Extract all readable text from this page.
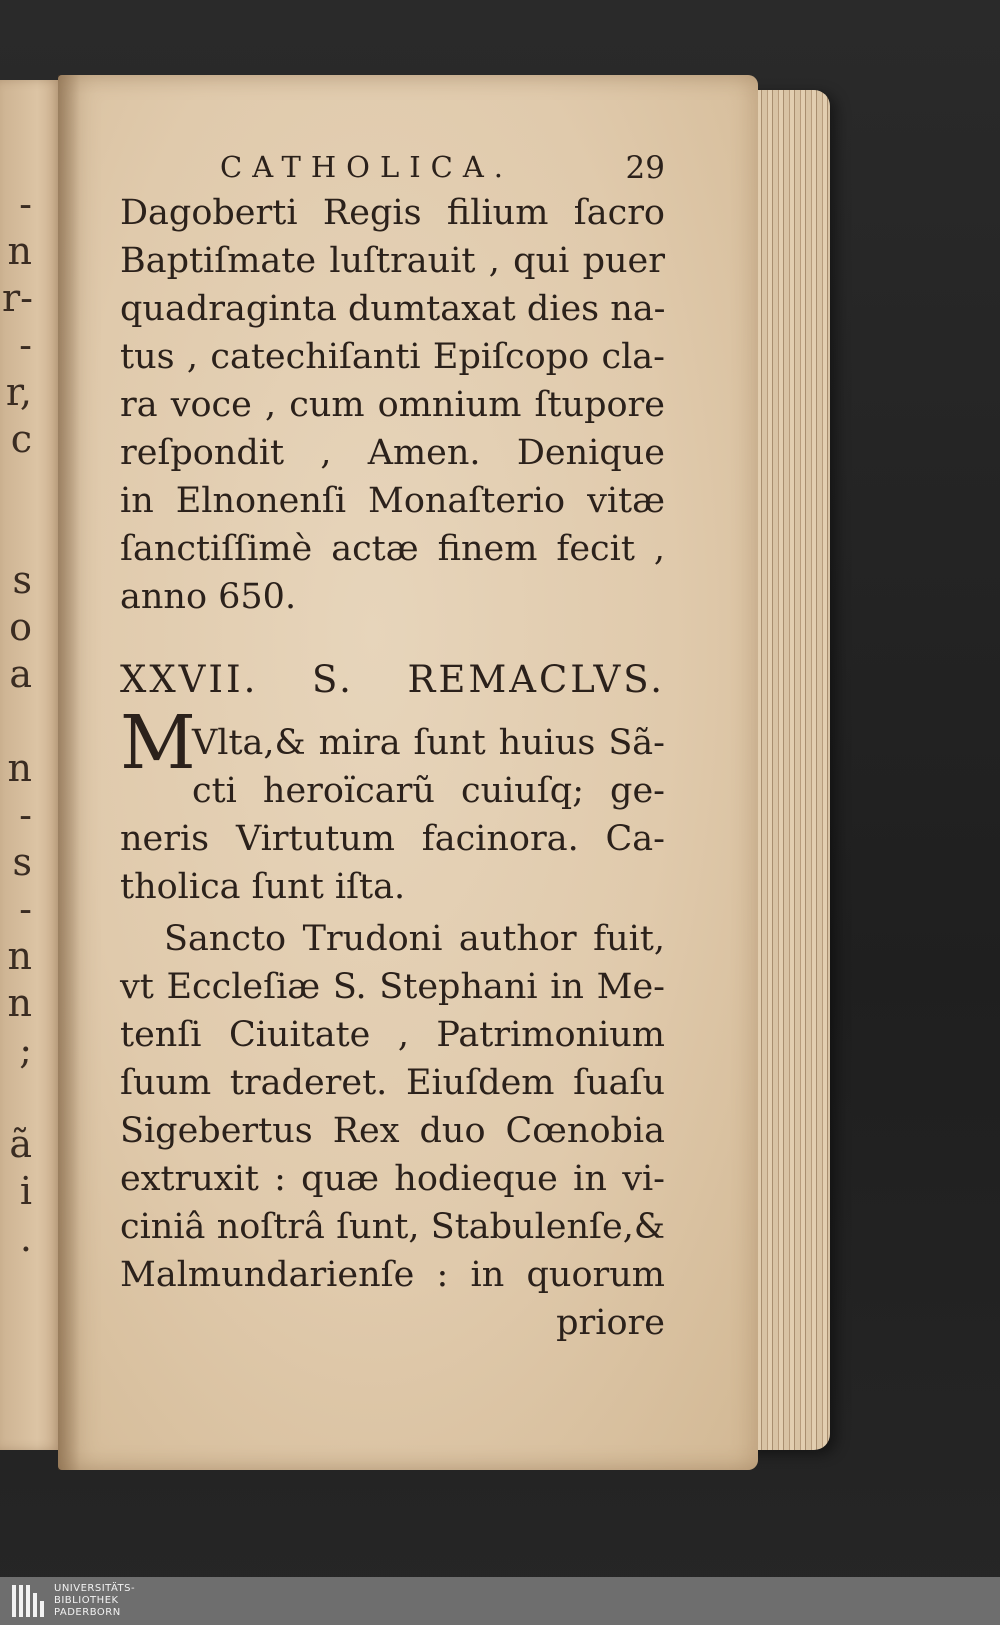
CATHOLICA.	29
Dagoberti Regis filium ſacro
Baptiſmate luſtrauit , qui puer
quadraginta dumtaxat dies na-
tus , catechiſanti Epiſcopo cla-
ra voce , cum omnium ſtupore
reſpondit , Amen. Denique
in Elnonenſi Monaſterio vitæ
ſanctiſſimè actæ finem fecit ,
anno 650.
XXVII. S. REMACLVS.
M
Vlta,& mira ſunt huius Sã-
cti heroïcarũ cuiuſq; ge-
neris Virtutum facinora. Ca-
tholica ſunt iſta.
Sancto Trudoni author fuit,
vt Eccleſiæ S. Stephani in Me-
tenſi Ciuitate , Patrimonium
ſuum traderet. Eiuſdem ſuaſu
Sigebertus Rex duo Cœnobia
extruxit : quæ hodieque in vi-
ciniâ noſtrâ ſunt, Stabulenſe,&
Malmundarienſe : in quorum
priore
-
n
r-
-
r,
c
s
o
a
n
-
s
-
n
n
;
ã
i
.
UNIVERSITÄTS-
BIBLIOTHEK
PADERBORN
